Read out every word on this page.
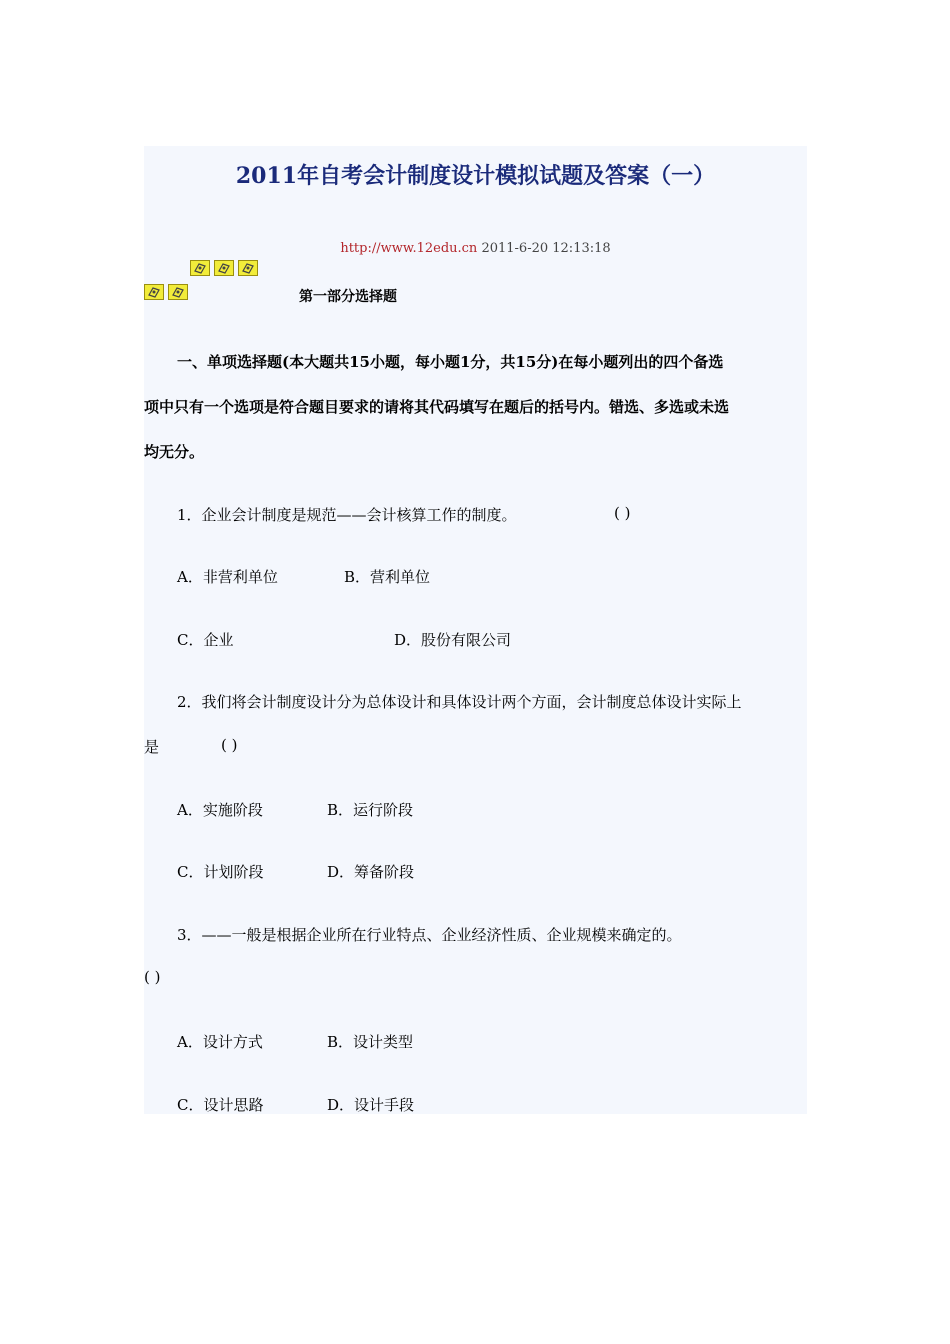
2011年自考会计制度设计模拟试题及答案（一）
http://www.12edu.cn 2011-6-20 12:13:18
第一部分选择题
一、单项选择题(本大题共15小题，每小题1分，共15分)在每小题列出的四个备选
项中只有一个选项是符合题目要求的请将其代码填写在题后的括号内。错选、多选或未选
均无分。
1．企业会计制度是规范——会计核算工作的制度。	( )
A．非营利单位	B．营利单位
C．企业	D．股份有限公司
2．我们将会计制度设计分为总体设计和具体设计两个方面，会计制度总体设计实际上
是	( )
A．实施阶段	B．运行阶段
C．计划阶段	D．筹备阶段
3．——一般是根据企业所在行业特点、企业经济性质、企业规模来确定的。
( )
A．设计方式	B．设计类型
C．设计思路	D．设计手段
